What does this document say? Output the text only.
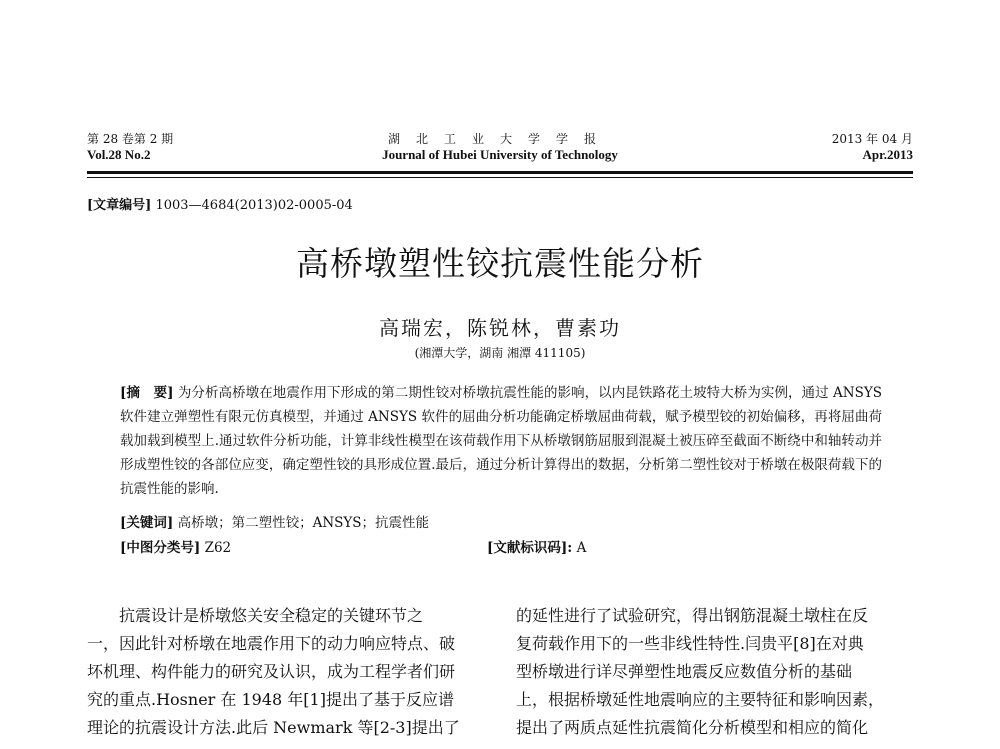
第 28 卷第 2 期
Vol.28 No.2
湖北工业大学学报
Journal of Hubei University of Technology
2013 年 04 月
Apr.2013
[文章编号] 1003—4684(2013)02-0005-04
高桥墩塑性铰抗震性能分析
高瑞宏，陈锐林，曹素功
(湘潭大学，湖南 湘潭 411105)
[摘　要] 为分析高桥墩在地震作用下形成的第二期性铰对桥墩抗震性能的影响，以内昆铁路花土坡特大桥为实例，通过 ANSYS 软件建立弹塑性有限元仿真模型，并通过 ANSYS 软件的屈曲分析功能确定桥墩屈曲荷载，赋予模型铰的初始偏移，再将屈曲荷载加载到模型上.通过软件分析功能，计算非线性模型在该荷载作用下从桥墩钢筋屈服到混凝土被压碎至截面不断绕中和轴转动并形成塑性铰的各部位应变，确定塑性铰的具形成位置.最后，通过分析计算得出的数据，分析第二塑性铰对于桥墩在极限荷载下的抗震性能的影响.
[关键词] 高桥墩；第二塑性铰；ANSYS；抗震性能
[中图分类号] Z62	[文献标识码]: A
抗震设计是桥墩悠关安全稳定的关键环节之
一，因此针对桥墩在地震作用下的动力响应特点、破
坏机理、构件能力的研究及认识，成为工程学者们研
究的重点.Hosner 在 1948 年[1]提出了基于反应谱
理论的抗震设计方法.此后 Newmark 等[2-3]提出了
的延性进行了试验研究，得出钢筋混凝土墩柱在反
复荷载作用下的一些非线性特性.闫贵平[8]在对典
型桥墩进行详尽弹塑性地震反应数值分析的基础
上，根据桥墩延性地震响应的主要特征和影响因素，
提出了两质点延性抗震简化分析模型和相应的简化
